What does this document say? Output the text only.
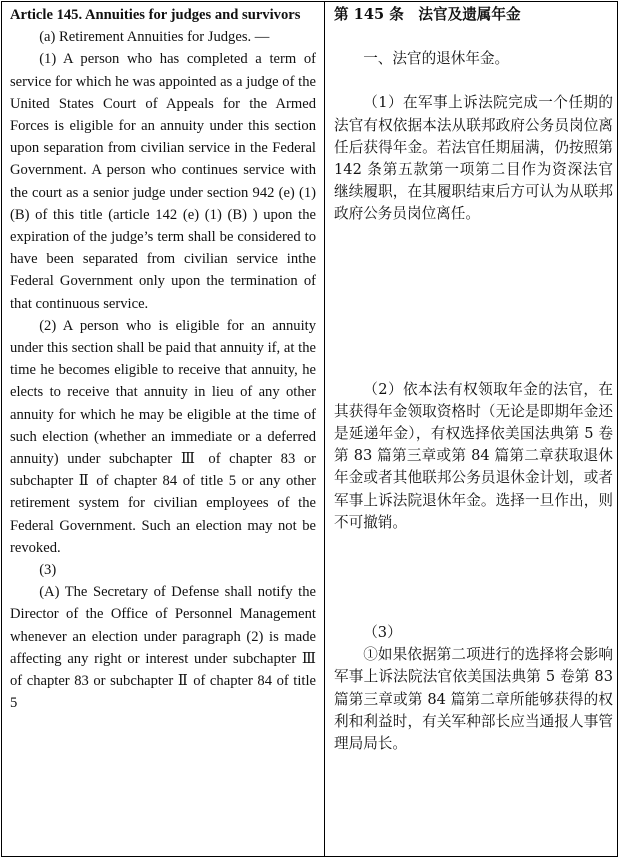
Article 145. Annuities for judges and survivors

(a) Retirement Annuities for Judges. —

(1) A person who has completed a term of service for which he was appointed as a judge of the United States Court of Appeals for the Armed Forces is eligible for an annuity under this section upon separation from civilian service in the Federal Government. A person who continues service with the court as a senior judge under section 942 (e) (1) (B) of this title (article 142 (e) (1) (B) ) upon the expiration of the judge’s term shall be considered to have been separated from civilian service inthe Federal Government only upon the termination of that continuous service.

(2) A person who is eligible for an annuity under this section shall be paid that annuity if, at the time he becomes eligible to receive that annuity, he elects to receive that annuity in lieu of any other annuity for which he may be eligible at the time of such election (whether an immediate or a deferred annuity) under subchapter Ⅲ of chapter 83 or subchapter Ⅱ of chapter 84 of title 5 or any other retirement system for civilian employees of the Federal Government. Such an election may not be revoked.

(3)

(A) The Secretary of Defense shall notify the Director of the Office of Personnel Management whenever an election under paragraph (2) is made affecting any right or interest under subchapter Ⅲ of chapter 83 or subchapter Ⅱ of chapter 84 of title 5

第 145 条　法官及遗属年金

一、法官的退休年金。

（1）在军事上诉法院完成一个任期的法官有权依据本法从联邦政府公务员岗位离任后获得年金。若法官任期届满，仍按照第 142 条第五款第一项第二目作为资深法官继续履职，在其履职结束后方可认为从联邦政府公务员岗位离任。

（2）依本法有权领取年金的法官，在其获得年金领取资格时（无论是即期年金还是延递年金），有权选择依美国法典第 5 卷第 83 篇第三章或第 84 篇第二章获取退休年金或者其他联邦公务员退休金计划，或者军事上诉法院退休年金。选择一旦作出，则不可撤销。

（3）

①如果依据第二项进行的选择将会影响军事上诉法院法官依美国法典第 5 卷第 83 篇第三章或第 84 篇第二章所能够获得的权利和利益时，有关军种部长应当通报人事管理局局长。
